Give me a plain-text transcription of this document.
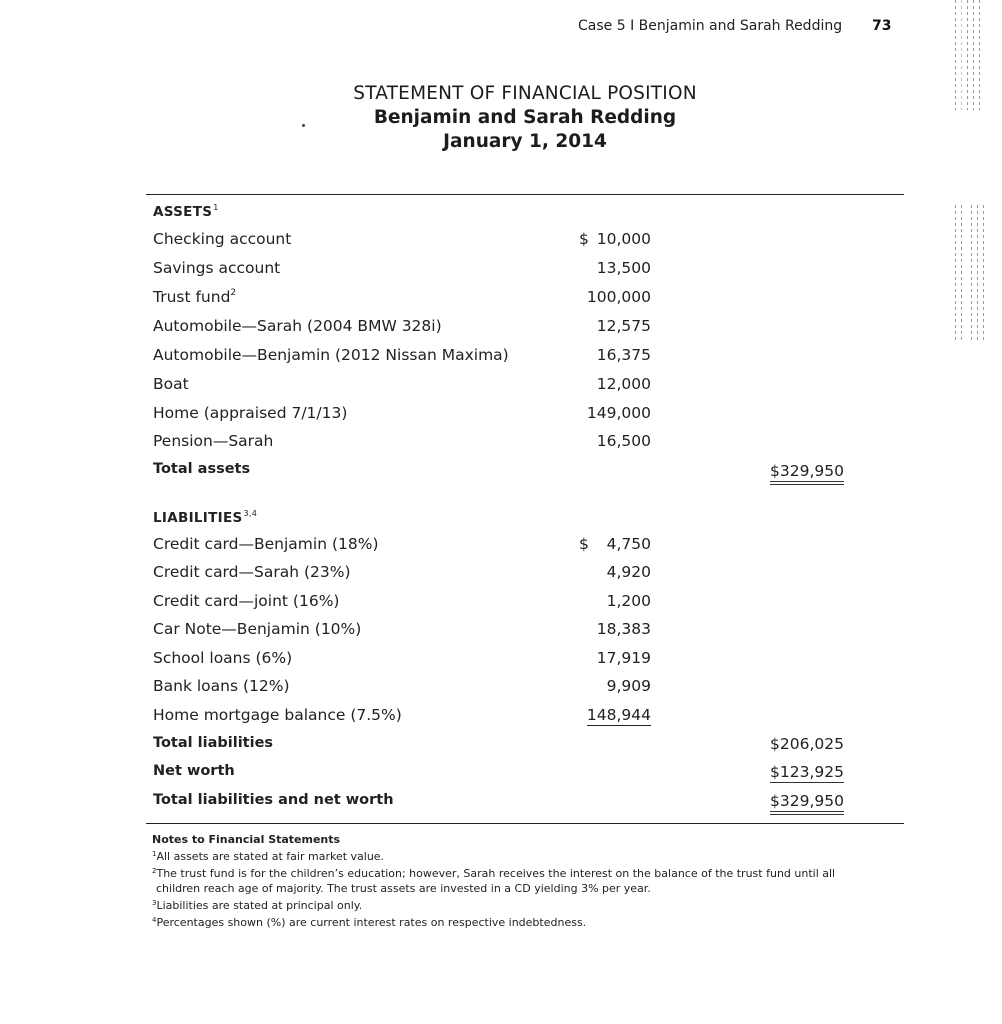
Case 5 I Benjamin and Sarah Redding 73
STATEMENT OF FINANCIAL POSITION
Benjamin and Sarah Redding
January 1, 2014
ASSETS$^1$
Checking account	$ 10,000
Savings account	13,500
Trust fund$^2$	100,000
Automobile—Sarah (2004 BMW 328i)	12,575
Automobile—Benjamin (2012 Nissan Maxima)	16,375
Boat	12,000
Home (appraised 7/1/13)	149,000
Pension—Sarah	16,500
Total assets	$329,950
LIABILITIES$^{3,4}$
Credit card—Benjamin (18%)	$ 4,750
Credit card—Sarah (23%)	4,920
Credit card—joint (16%)	1,200
Car Note—Benjamin (10%)	18,383
School loans (6%)	17,919
Bank loans (12%)	9,909
Home mortgage balance (7.5%)	148,944
Total liabilities	$206,025
Net worth	$123,925
Total liabilities and net worth	$329,950
Notes to Financial Statements
$^1$All assets are stated at fair market value.
$^2$The trust fund is for the children’s education; however, Sarah receives the interest on the balance of the trust fund until all
children reach age of majority. The trust assets are invested in a CD yielding 3% per year.
$^3$Liabilities are stated at principal only.
$^4$Percentages shown (%) are current interest rates on respective indebtedness.
